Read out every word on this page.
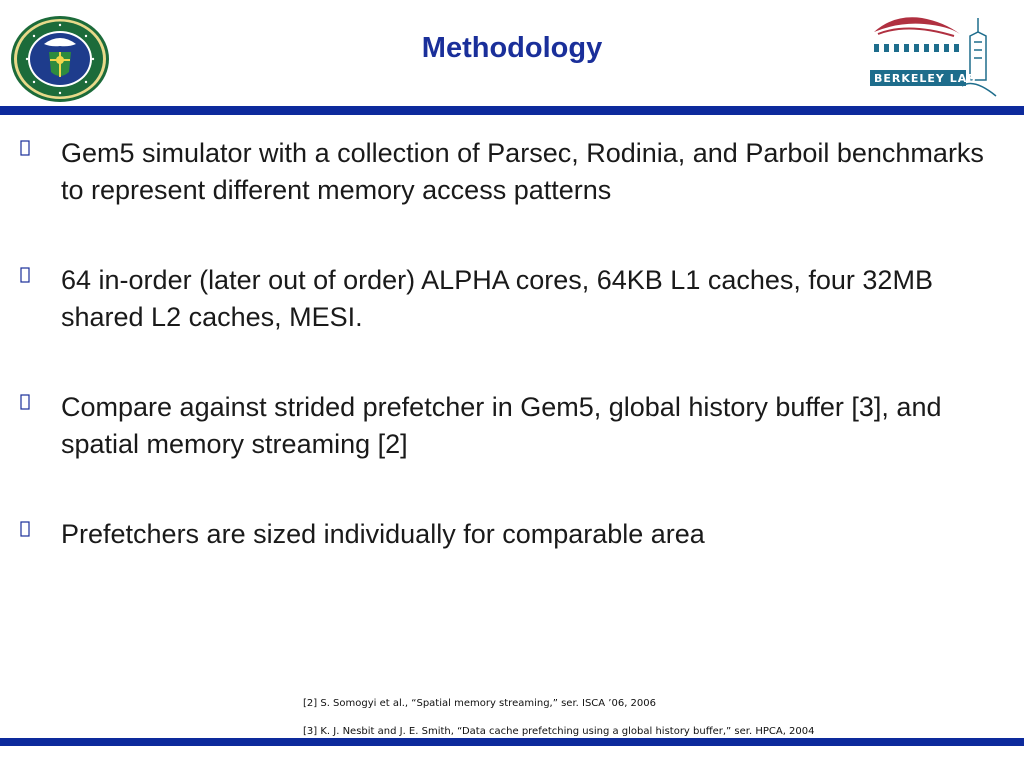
Methodology
BERKELEY LAB

Gem5 simulator with a collection of Parsec, Rodinia, and Parboil benchmarks to represent different memory access patterns

64 in-order (later out of order) ALPHA cores, 64KB L1 caches, four 32MB shared L2 caches, MESI.

Compare against strided prefetcher in Gem5, global history buffer [3], and spatial memory streaming [2]

Prefetchers are sized individually for comparable area

[2] S. Somogyi et al., “Spatial memory streaming,” ser. ISCA ’06, 2006
[3] K. J. Nesbit and J. E. Smith, “Data cache prefetching using a global history buffer,” ser. HPCA, 2004
